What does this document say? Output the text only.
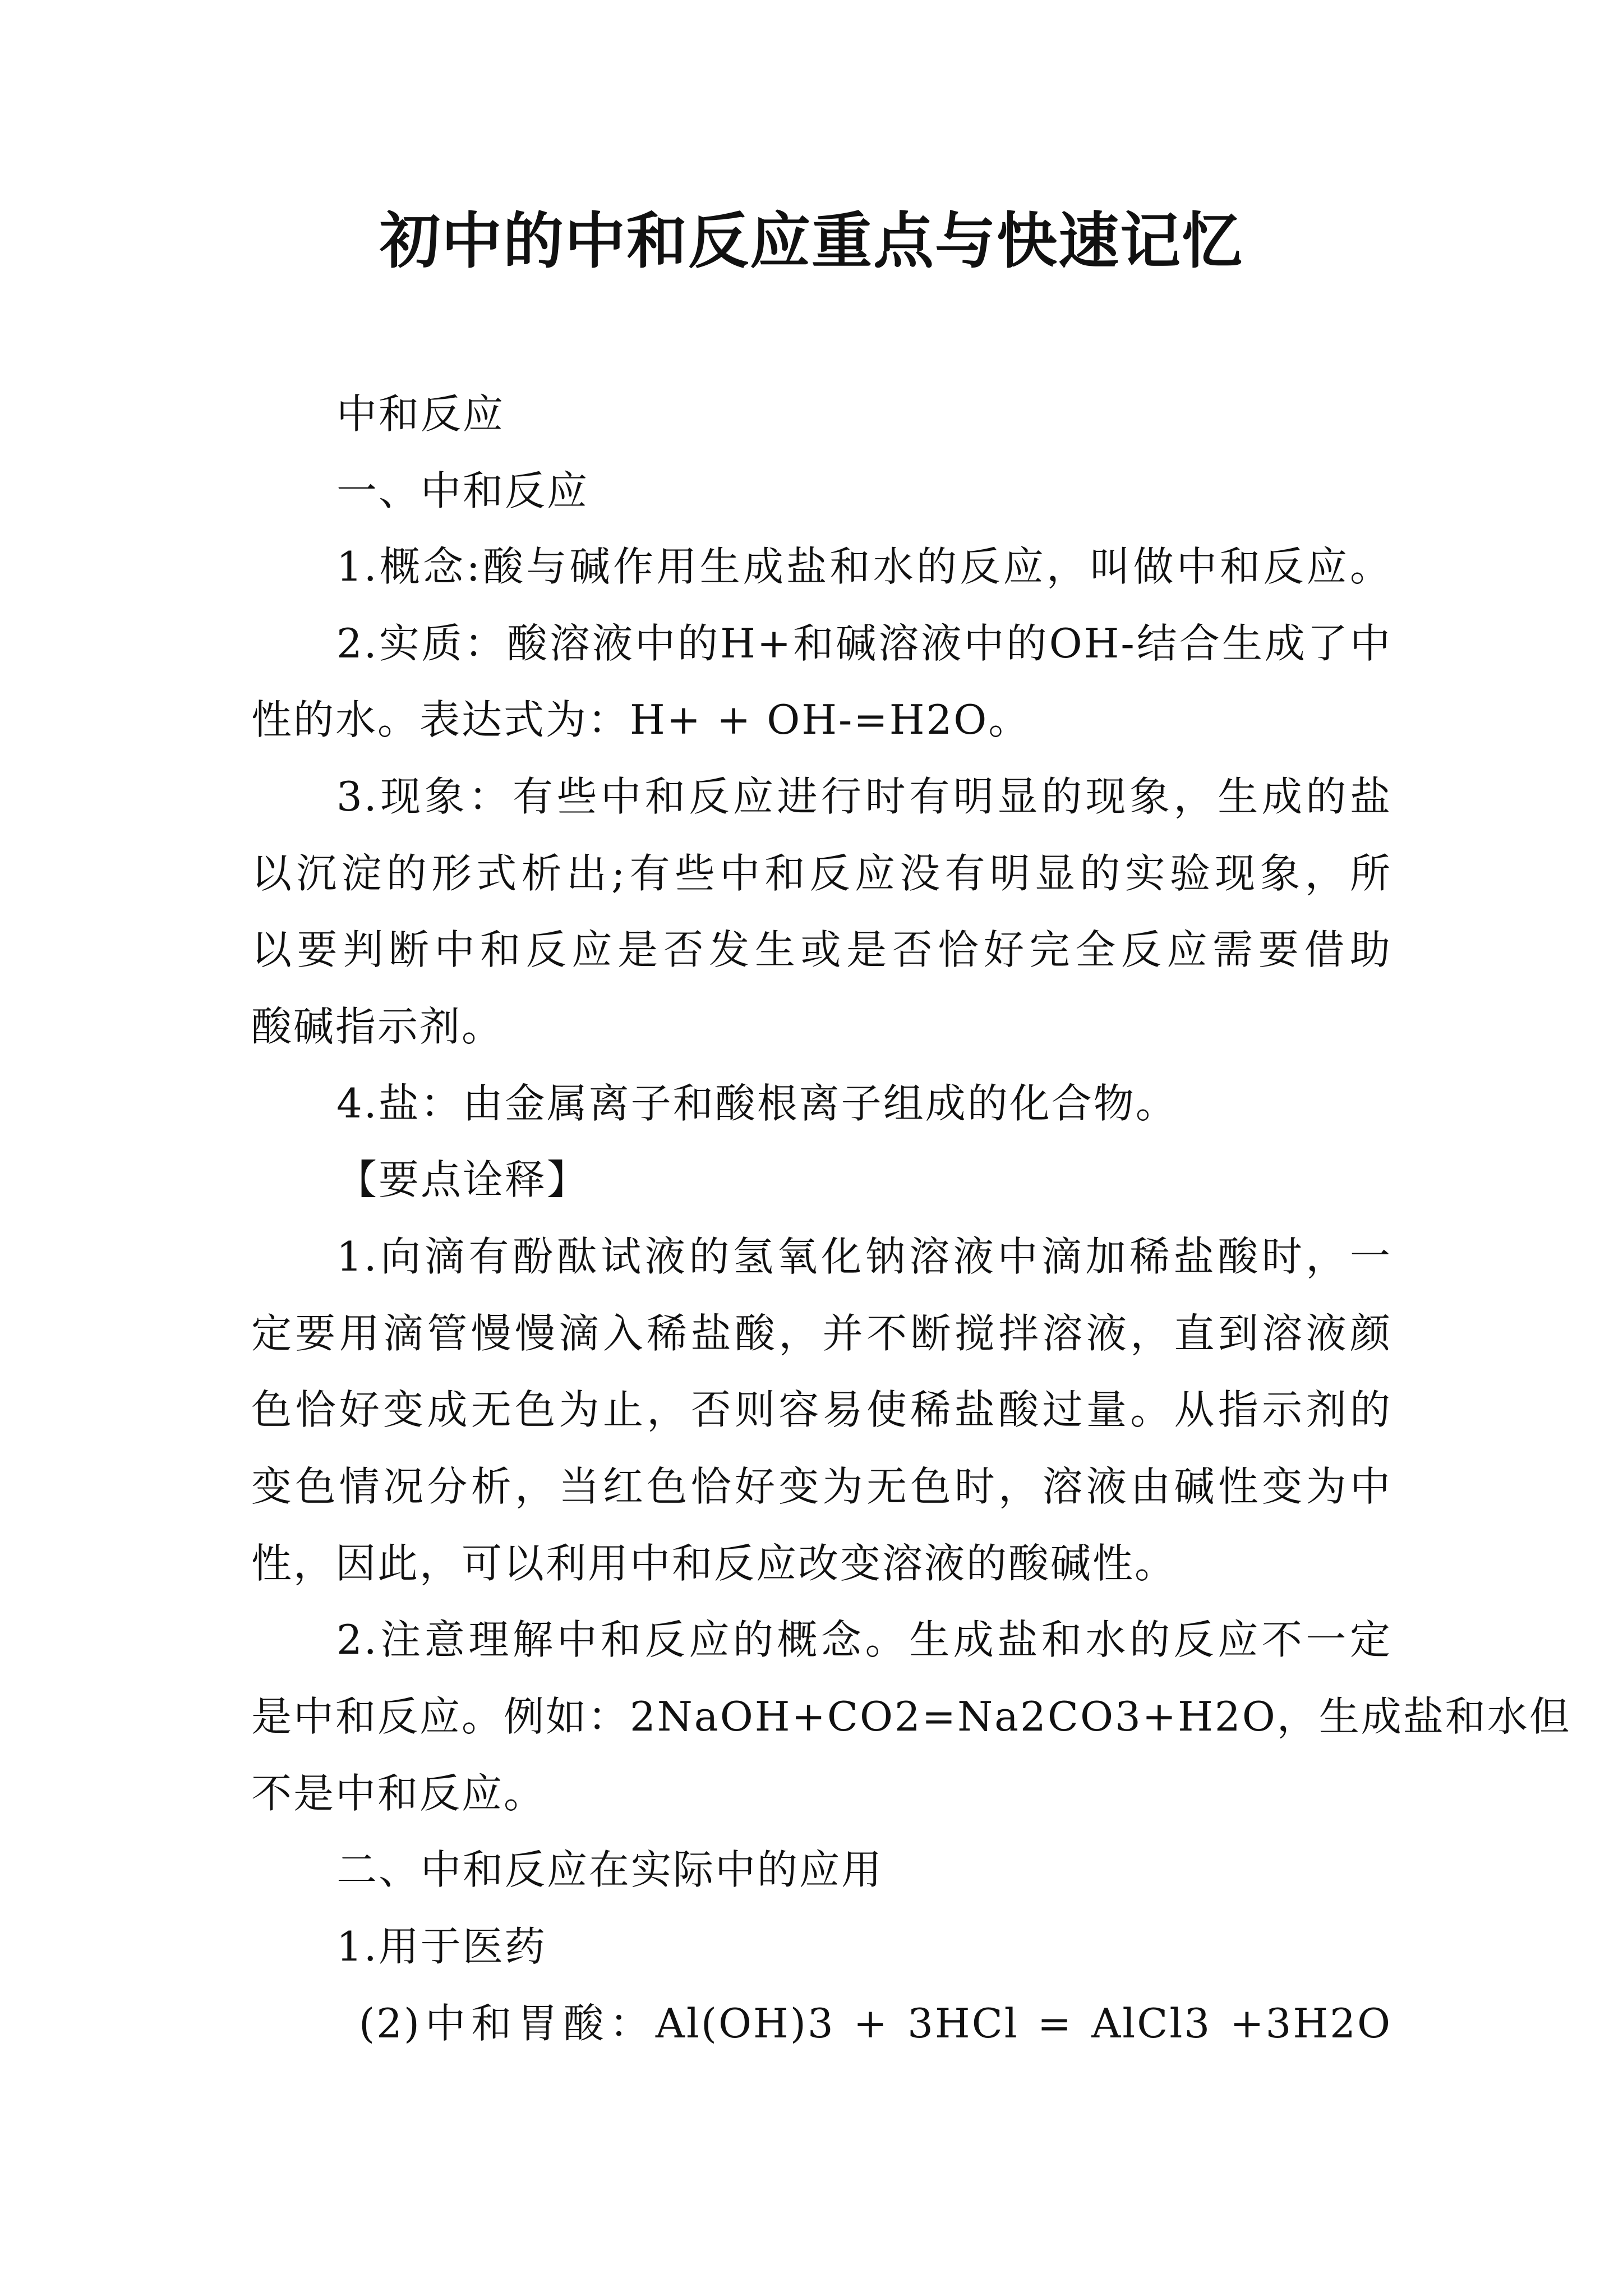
初中的中和反应重点与快速记忆
中和反应
一、中和反应
1.概念:酸与碱作用生成盐和水的反应，叫做中和反应。
2.实质：酸溶液中的H+和碱溶液中的OH-结合生成了中
性的水。表达式为：H+ + OH-=H2O。
3.现象：有些中和反应进行时有明显的现象，生成的盐
以沉淀的形式析出;有些中和反应没有明显的实验现象，所
以要判断中和反应是否发生或是否恰好完全反应需要借助
酸碱指示剂。
4.盐：由金属离子和酸根离子组成的化合物。
【要点诠释】
1.向滴有酚酞试液的氢氧化钠溶液中滴加稀盐酸时，一
定要用滴管慢慢滴入稀盐酸，并不断搅拌溶液，直到溶液颜
色恰好变成无色为止，否则容易使稀盐酸过量。从指示剂的
变色情况分析，当红色恰好变为无色时，溶液由碱性变为中
性，因此，可以利用中和反应改变溶液的酸碱性。
2.注意理解中和反应的概念。生成盐和水的反应不一定
是中和反应。例如：2NaOH+CO2=Na2CO3+H2O，生成盐和水但
不是中和反应。
二、中和反应在实际中的应用
1.用于医药
(2)中和胃酸：Al(OH)3 + 3HCl = AlCl3 +3H2O
